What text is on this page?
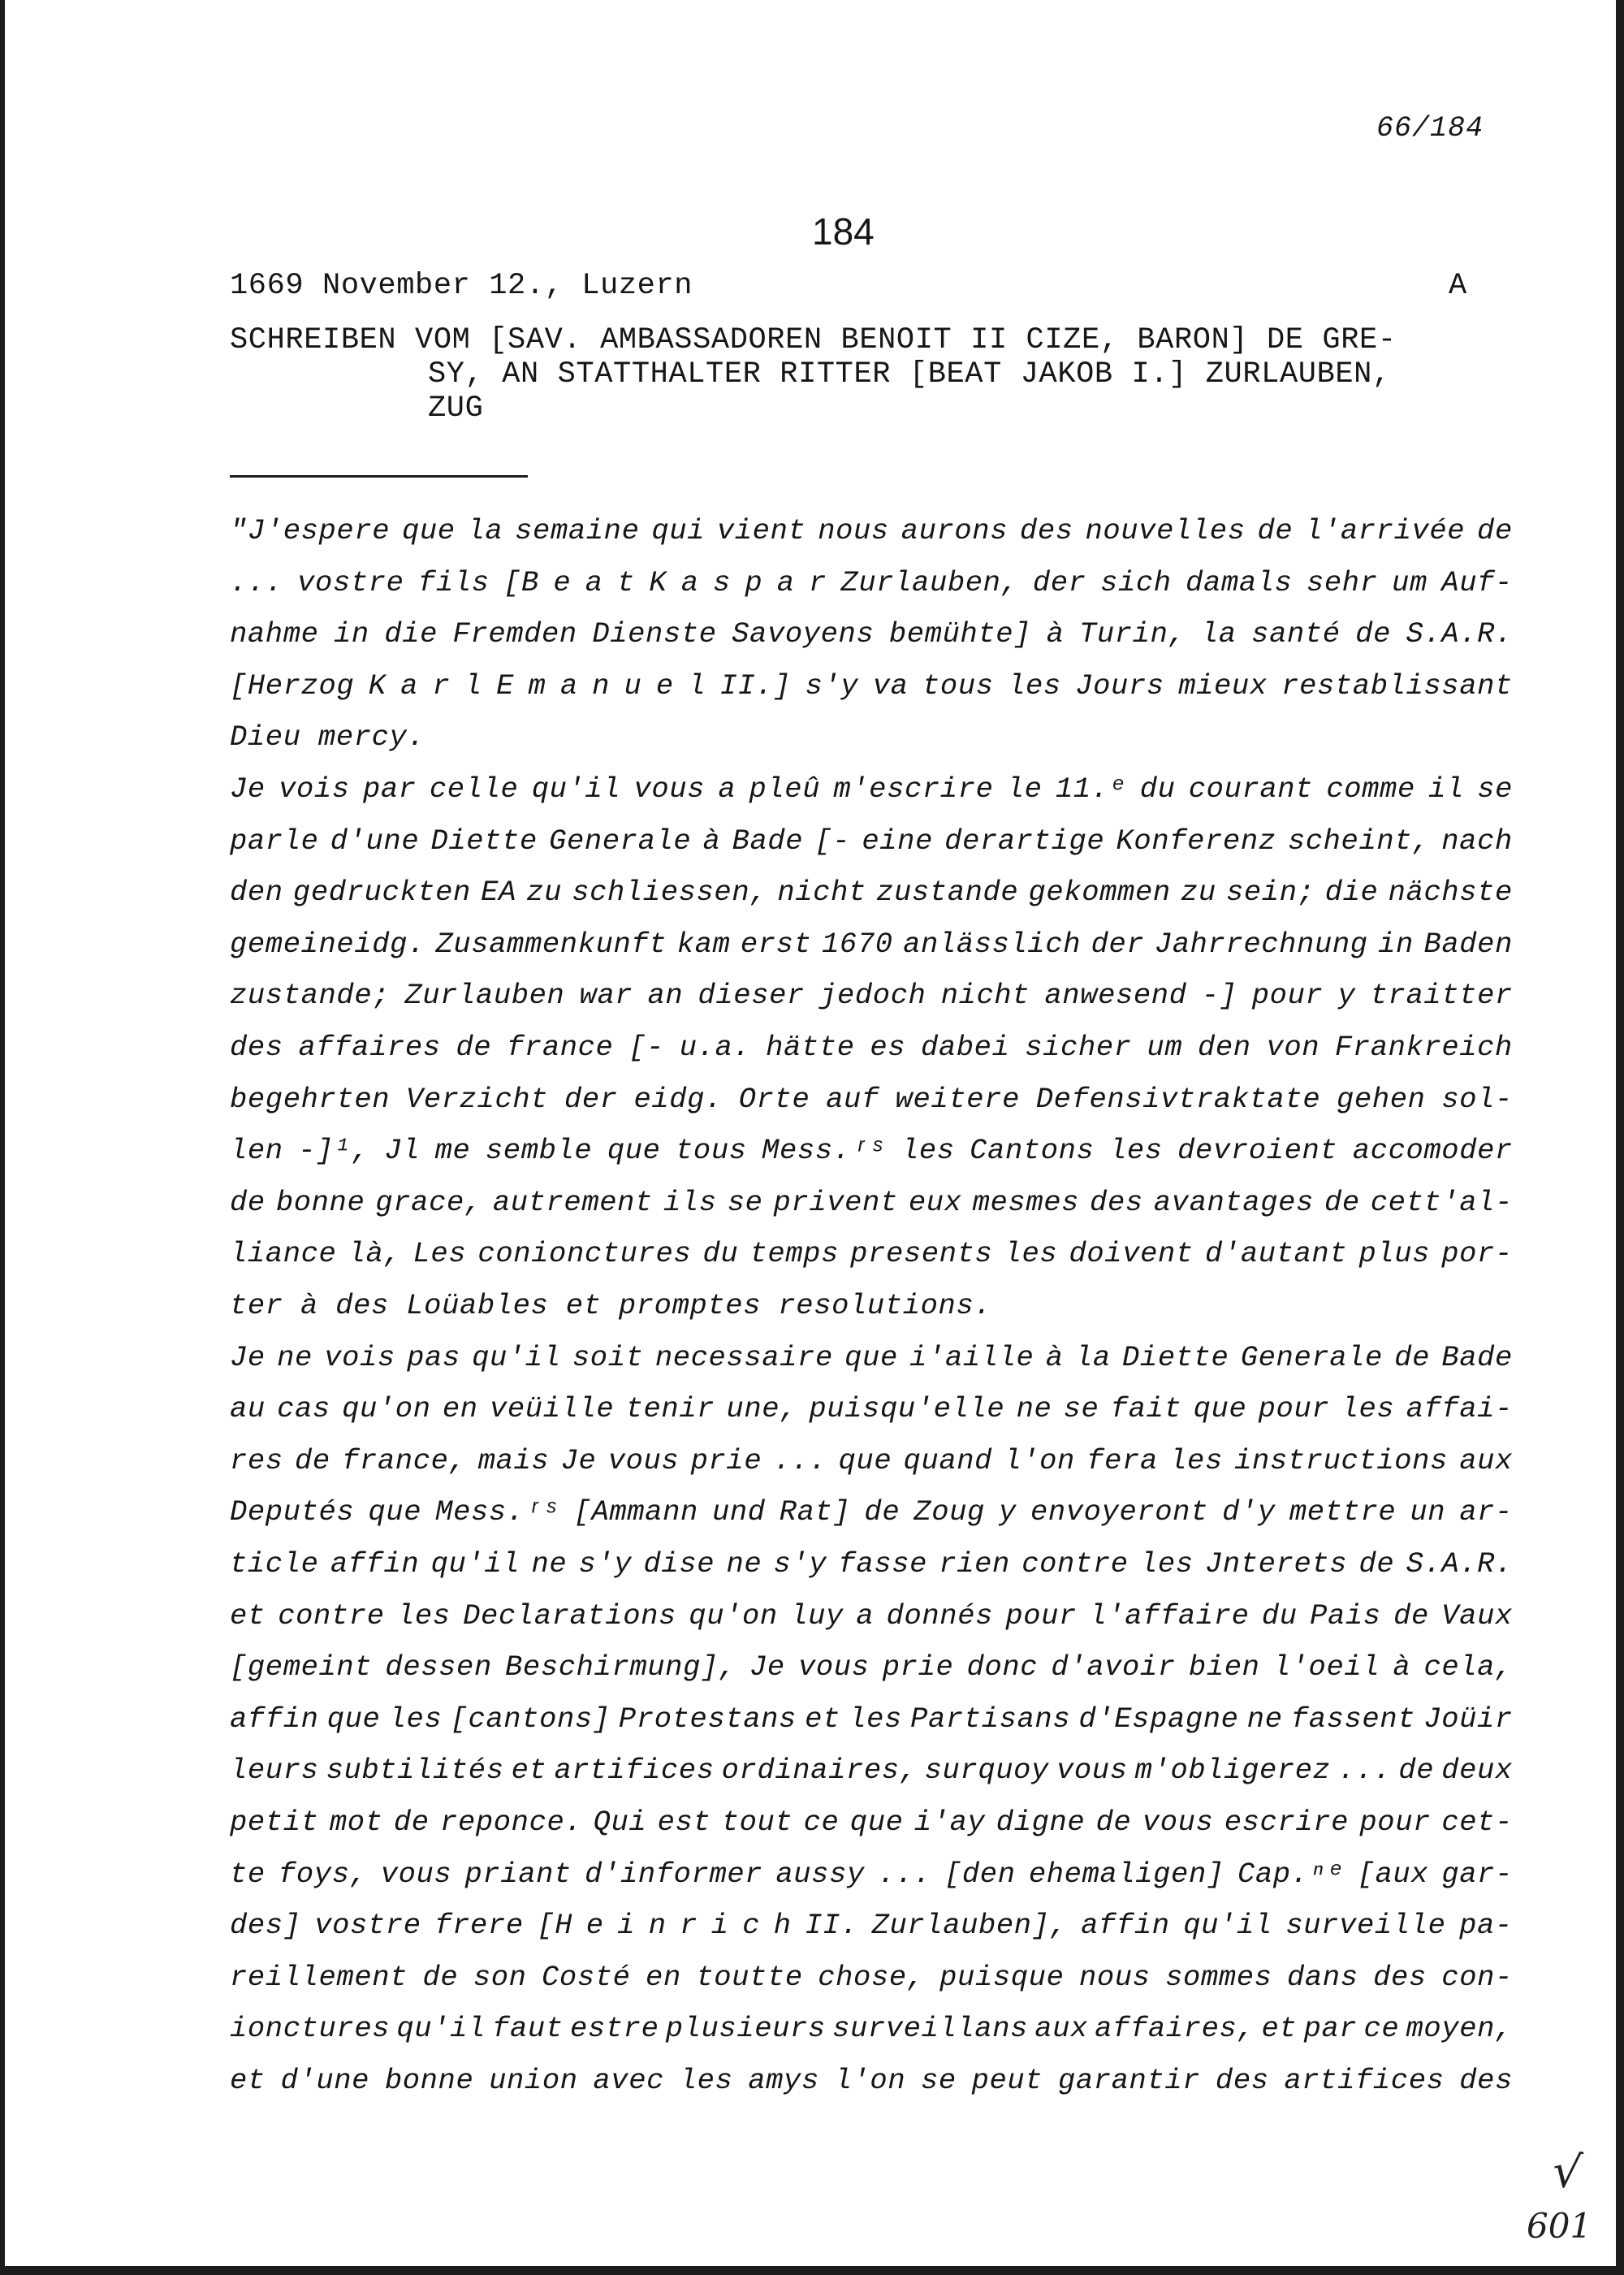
66/184
184
1669 November 12., Luzern	A
SCHREIBEN VOM [SAV. AMBASSADOREN BENOIT II CIZE, BARON] DE GRE-
SY, AN STATTHALTER RITTER [BEAT JAKOB I.] ZURLAUBEN,
ZUG
"J'espere que la semaine qui vient nous aurons des nouvelles de l'arrivée de
... vostre fils [B e a t K a s p a r Zurlauben, der sich damals sehr um Auf-
nahme in die Fremden Dienste Savoyens bemühte] à Turin, la santé de S.A.R.
[Herzog K a r l E m a n u e l II.] s'y va tous les Jours mieux restablissant
Dieu mercy.
Je vois par celle qu'il vous a pleû m'escrire le 11.ᵉ du courant comme il se
parle d'une Diette Generale à Bade [- eine derartige Konferenz scheint, nach
den gedruckten EA zu schliessen, nicht zustande gekommen zu sein; die nächste
gemeineidg. Zusammenkunft kam erst 1670 anlässlich der Jahrrechnung in Baden
zustande; Zurlauben war an dieser jedoch nicht anwesend -] pour y traitter
des affaires de france [- u.a. hätte es dabei sicher um den von Frankreich
begehrten Verzicht der eidg. Orte auf weitere Defensivtraktate gehen sol-
len -]¹, Jl me semble que tous Mess.ʳˢ les Cantons les devroient accomoder
de bonne grace, autrement ils se privent eux mesmes des avantages de cett'al-
liance là, Les conionctures du temps presents les doivent d'autant plus por-
ter à des Loüables et promptes resolutions.
Je ne vois pas qu'il soit necessaire que i'aille à la Diette Generale de Bade
au cas qu'on en veüille tenir une, puisqu'elle ne se fait que pour les affai-
res de france, mais Je vous prie ... que quand l'on fera les instructions aux
Deputés que Mess.ʳˢ [Ammann und Rat] de Zoug y envoyeront d'y mettre un ar-
ticle affin qu'il ne s'y dise ne s'y fasse rien contre les Jnterets de S.A.R.
et contre les Declarations qu'on luy a donnés pour l'affaire du Pais de Vaux
[gemeint dessen Beschirmung], Je vous prie donc d'avoir bien l'oeil à cela,
affin que les [cantons] Protestans et les Partisans d'Espagne ne fassent Joüir
leurs subtilités et artifices ordinaires, surquoy vous m'obligerez ... de deux
petit mot de reponce. Qui est tout ce que i'ay digne de vous escrire pour cet-
te foys, vous priant d'informer aussy ... [den ehemaligen] Cap.ⁿᵉ [aux gar-
des] vostre frere [H e i n r i c h II. Zurlauben], affin qu'il surveille pa-
reillement de son Costé en toutte chose, puisque nous sommes dans des con-
ionctures qu'il faut estre plusieurs surveillans aux affaires, et par ce moyen,
et d'une bonne union avec les amys l'on se peut garantir des artifices des
√
601
